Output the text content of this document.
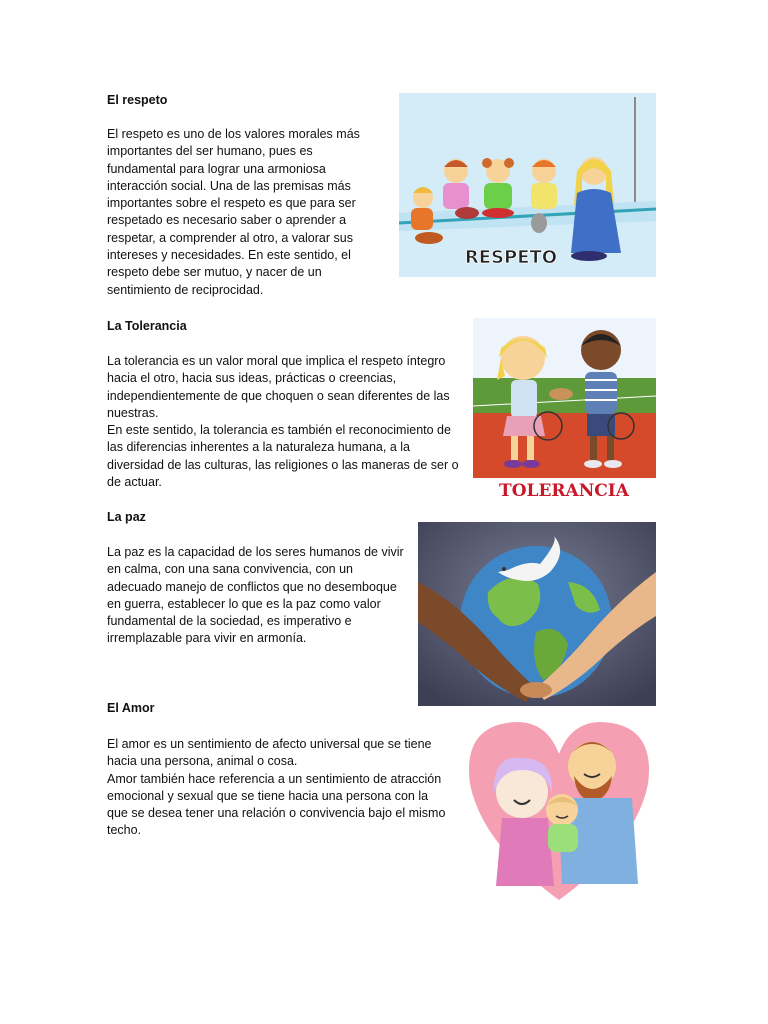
El respeto

El respeto es uno de los valores morales más
importantes del ser humano, pues es
fundamental para lograr una armoniosa
interacción social. Una de las premisas más
importantes sobre el respeto es que para ser
respetado es necesario saber o aprender a
respetar, a comprender al otro, a valorar sus
intereses y necesidades. En este sentido, el
respeto debe ser mutuo, y nacer de un
sentimiento de reciprocidad.

RESPETO
La Tolerancia

La tolerancia es un valor moral que implica el respeto íntegro
hacia el otro, hacia sus ideas, prácticas o creencias,
independientemente de que choquen o sean diferentes de las
nuestras.
En este sentido, la tolerancia es también el reconocimiento de
las diferencias inherentes a la naturaleza humana, a la
diversidad de las culturas, las religiones o las maneras de ser o
de actuar.	TOLERANCIA
La paz

La paz es la capacidad de los seres humanos de vivir
en calma, con una sana convivencia, con un
adecuado manejo de conflictos que no desemboque
en guerra, establecer lo que es la paz como valor
fundamental de la sociedad, es imperativo e
irremplazable para vivir en armonía.

El Amor

El amor es un sentimiento de afecto universal que se tiene
hacia una persona, animal o cosa.
Amor también hace referencia a un sentimiento de atracción
emocional y sexual que se tiene hacia una persona con la
que se desea tener una relación o convivencia bajo el mismo
techo.
